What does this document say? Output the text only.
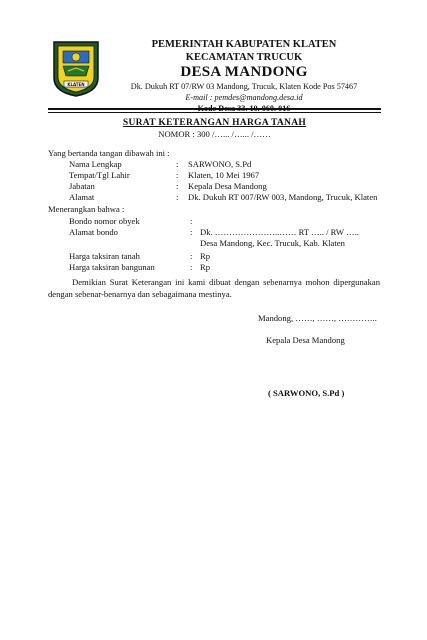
KLATEN
PEMERINTAH KABUPATEN KLATEN
KECAMATAN TRUCUK
DESA MANDONG
Dk. Dukuh RT 07/RW 03 Mandong, Trucuk, Klaten Kode Pos 57467
E-mail : pemdes@mandong.desa.id
Kode Desa 33. 10. 060. 016
SURAT KETERANGAN HARGA TANAH
NOMOR : 300 /…... /…... /……
Yang bertanda tangan dibawah ini :
Nama Lengkap	: SARWONO, S.Pd
Tempat/Tgl Lahir	: Klaten, 10 Mei 1967
Jabatan	: Kepala Desa Mandong
Alamat	: Dk. Dukuh RT 007/RW 003, Mandong, Trucuk, Klaten
Menerangkan bahwa :
Bondo nomor obyek	:
Alamat bondo	: Dk. …………………..…… RT ….. / RW …..
Desa Mandong, Kec. Trucuk, Kab. Klaten
Harga taksiran tanah	: Rp
Harga taksiran bangunan	: Rp
Demikian Surat Keterangan ini kami dibuat dengan sebenarnya mohon dipergunakan dengan sebenar-benarnya dan sebagaimana mestinya.
Mandong, ……, ……, …………..
Kepala Desa Mandong
( SARWONO, S.Pd )
